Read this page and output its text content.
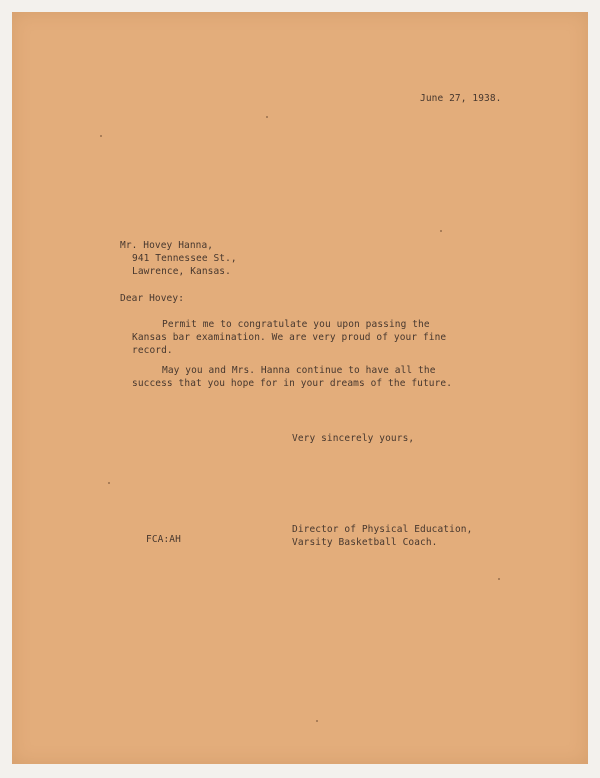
June 27, 1938.

Mr. Hovey Hanna,

941 Tennessee St.,

Lawrence, Kansas.

Dear Hovey:

Permit me to congratulate you upon passing the

Kansas bar examination. We are very proud of your fine

record.

May you and Mrs. Hanna continue to have all the

success that you hope for in your dreams of the future.

Very sincerely yours,

FCA:AH

Director of Physical Education,

Varsity Basketball Coach.
